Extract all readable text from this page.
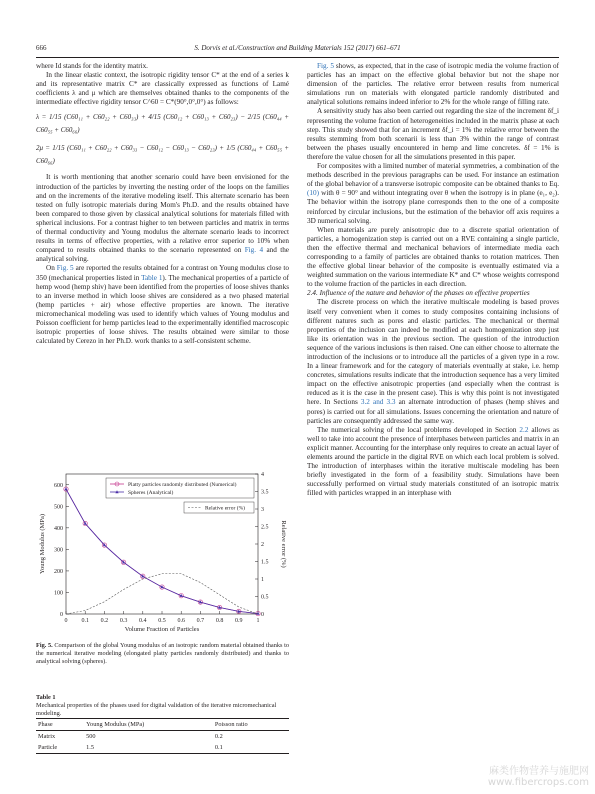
666	S. Dorvis et al./Construction and Building Materials 152 (2017) 661–671

where Id stands for the identity matrix.

In the linear elastic context, the isotropic rigidity tensor C* at the end of a series k and its representative matrix C* are classically expressed as functions of Lamé coefficients λ and μ which are themselves obtained thanks to the components of the intermediate effective rigidity tensor C^60 = C*(90°,0°,0°) as follows:

λ = 1/15 (C60₁₁ + C60₂₂ + C60₃₃) + 4/15 (C60₁₂ + C60₁₃ + C60₂₃) − 2/15 (C60₄₄ + C60₅₅ + C60₆₆)
2μ = 1/15 (C60₁₁ + C60₂₂ + C60₃₃ − C60₁₂ − C60₁₃ − C60₂₃) + 1/5 (C60₄₄ + C60₅₅ + C60₆₆)

It is worth mentioning that another scenario could have been envisioned for the introduction of the particles by inverting the nesting order of the loops on the families and on the increments of the iterative modeling itself. This alternate scenario has been tested on fully isotropic materials during Mom's Ph.D. and the results obtained have been compared to those given by classical analytical solutions for materials filled with spherical inclusions. For a contrast higher to ten between particles and matrix in terms of thermal conductivity and Young modulus the alternate scenario leads to incorrect results in terms of effective properties, with a relative error superior to 10% when compared to results obtained thanks to the scenario represented on Fig. 4 and the analytical solving.

On Fig. 5 are reported the results obtained for a contrast on Young modulus close to 350 (mechanical properties listed in Table 1). The mechanical properties of a particle of hemp wood (hemp shiv) have been identified from the properties of loose shives thanks to an inverse method in which loose shives are considered as a two phased material (hemp particles + air) whose effective properties are known. The iterative micromechanical modeling was used to identify which values of Young modulus and Poisson coefficient for hemp particles lead to the experimentally identified macroscopic isotropic properties of loose shives. The results obtained were similar to those calculated by Cerezo in her Ph.D. work thanks to a self-consistent scheme.

0 0.1 0.2 0.3 0.4 0.5 0.6 0.7 0.8 0.9 1
0
100
200
300
400
500
600
0
0.5
1
1.5
2
2.5
3
3.5
4
Volume Fraction of Particles
Young Modulus (MPa)	Relative error (%)
Platty particles randomly distributed (Numerical)
Spheres (Analytical)
Relative error (%)
Fig. 5. Comparison of the global Young modulus of an isotropic random material obtained thanks to the numerical iterative modeling (elongated platty particles randomly distributed) and thanks to analytical solving (spheres).
Table 1
Mechanical properties of the phases used for digital validation of the iterative micromechanical modeling.
Phase	Young Modulus (MPa)	Poisson ratio
Matrix	500	0.2
Particle	1.5	0.1

Fig. 5 shows, as expected, that in the case of isotropic media the volume fraction of particles has an impact on the effective global behavior but not the shape nor dimension of the particles. The relative error between results from numerical simulations run on materials with elongated particle randomly distributed and analytical solutions remains indeed inferior to 2% for the whole range of filling rate.

A sensitivity study has also been carried out regarding the size of the increment δf_i representing the volume fraction of heterogeneities included in the matrix phase at each step. This study showed that for an increment δf_i = 1% the relative error between the results stemming from both scenarii is less than 3% within the range of contrast between the phases usually encountered in hemp and lime concretes. δf = 1% is therefore the value chosen for all the simulations presented in this paper.

For composites with a limited number of material symmetries, a combination of the methods described in the previous paragraphs can be used. For instance an estimation of the global behavior of a transverse isotropic composite can be obtained thanks to Eq. (10) with θ = 90° and without integrating over θ when the isotropy is in plane (e₁, e₂). The behavior within the isotropy plane corresponds then to the one of a composite reinforced by circular inclusions, but the estimation of the behavior off axis requires a 3D numerical solving.

When materials are purely anisotropic due to a discrete spatial orientation of particles, a homogenization step is carried out on a RVE containing a single particle, then the effective thermal and mechanical behaviors of intermediate media each corresponding to a family of particles are obtained thanks to rotation matrices. Then the effective global linear behavior of the composite is eventually estimated via a weighted summation on the various intermediate K* and C* whose weights correspond to the volume fraction of the particles in each direction.

2.4. Influence of the nature and behavior of the phases on effective properties

The discrete process on which the iterative multiscale modeling is based proves itself very convenient when it comes to study composites containing inclusions of different natures such as pores and elastic particles. The mechanical or thermal properties of the inclusion can indeed be modified at each homogenization step just like its orientation was in the previous section. The question of the introduction sequence of the various inclusions is then raised. One can either choose to alternate the introduction of the inclusions or to introduce all the particles of a given type in a row. In a linear framework and for the category of materials eventually at stake, i.e. hemp concretes, simulations results indicate that the introduction sequence has a very limited impact on the effective anisotropic properties (and especially when the contrast is reduced as it is the case in the present case). This is why this point is not investigated here. In Sections 3.2 and 3.3 an alternate introduction of phases (hemp shives and pores) is carried out for all simulations. Issues concerning the orientation and nature of particles are consequently addressed the same way.

The numerical solving of the local problems developed in Section 2.2 allows as well to take into account the presence of interphases between particles and matrix in an explicit manner. Accounting for the interphase only requires to create an actual layer of elements around the particle in the digital RVE on which each local problem is solved. The introduction of interphases within the iterative multiscale modeling has been briefly investigated in the form of a feasibility study. Simulations have been successfully performed on virtual study materials constituted of an isotropic matrix filled with particles wrapped in an interphase with

麻类作物营养与施肥网
www.fibercrops.com
